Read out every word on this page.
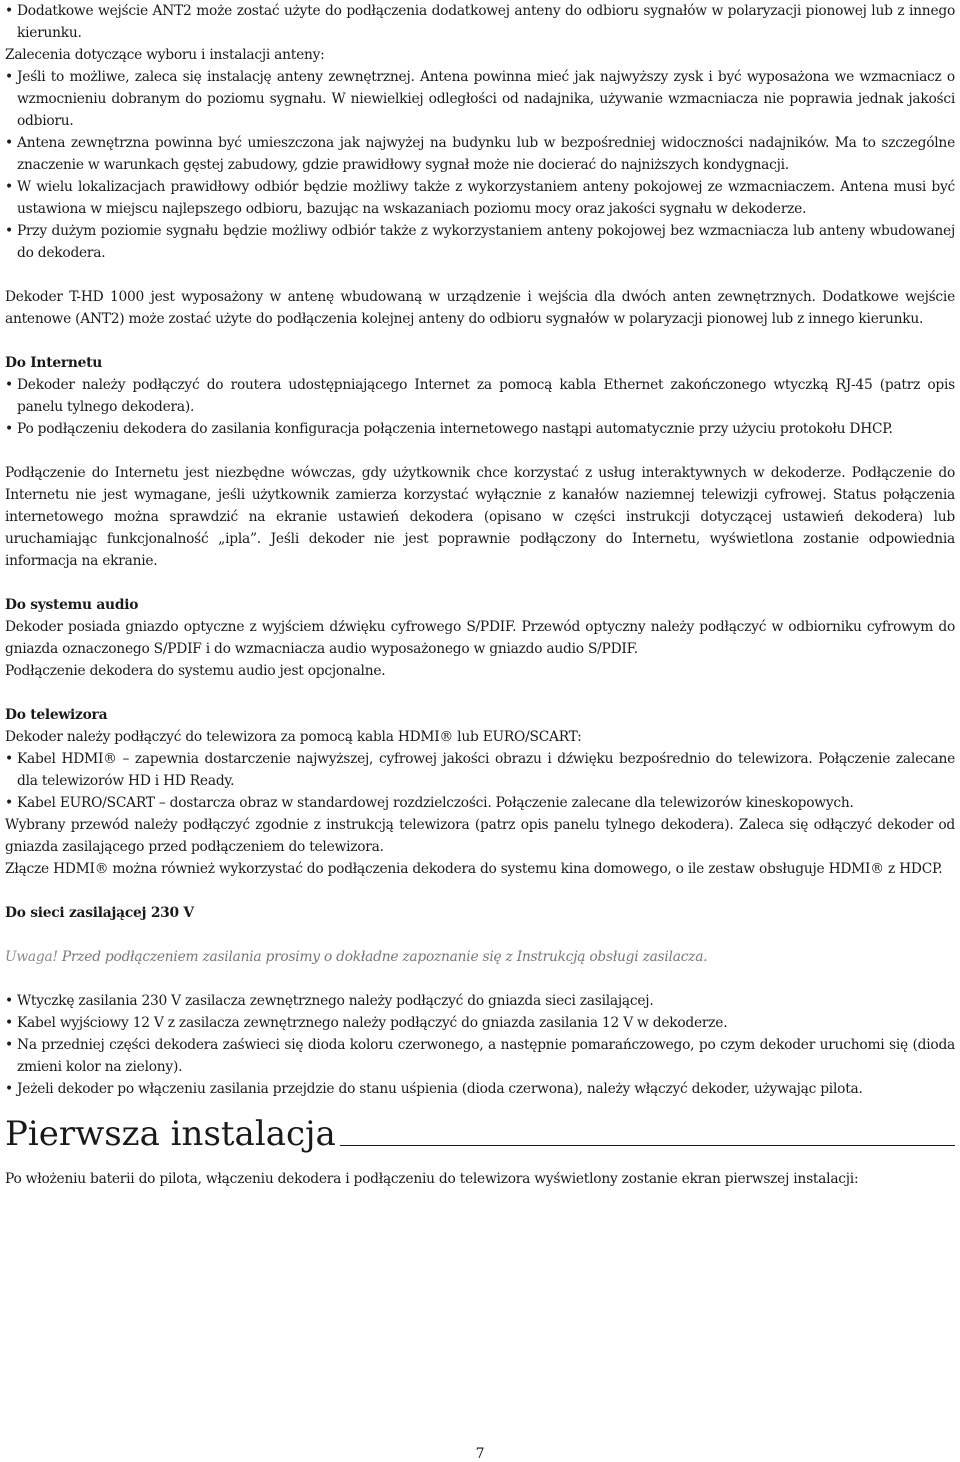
• Dodatkowe wejście ANT2 może zostać użyte do podłączenia dodatkowej anteny do odbioru sygnałów w polaryzacji pionowej lub z innego kierunku.

Zalecenia dotyczące wyboru i instalacji anteny:

• Jeśli to możliwe, zaleca się instalację anteny zewnętrznej. Antena powinna mieć jak najwyższy zysk i być wyposażona we wzmacniacz o wzmocnieniu dobranym do poziomu sygnału. W niewielkiej odległości od nadajnika, używanie wzmacniacza nie poprawia jednak jakości odbioru.
• Antena zewnętrzna powinna być umieszczona jak najwyżej na budynku lub w bezpośredniej widoczności nadajników. Ma to szczególne znaczenie w warunkach gęstej zabudowy, gdzie prawidłowy sygnał może nie docierać do najniższych kondygnacji.
• W wielu lokalizacjach prawidłowy odbiór będzie możliwy także z wykorzystaniem anteny pokojowej ze wzmacniaczem. Antena musi być ustawiona w miejscu najlepszego odbioru, bazując na wskazaniach poziomu mocy oraz jakości sygnału w dekoderze.
• Przy dużym poziomie sygnału będzie możliwy odbiór także z wykorzystaniem anteny pokojowej bez wzmacniacza lub anteny wbudowanej do dekodera.

Dekoder T-HD 1000 jest wyposażony w antenę wbudowaną w urządzenie i wejścia dla dwóch anten zewnętrznych. Dodatkowe wejście antenowe (ANT2) może zostać użyte do podłączenia kolejnej anteny do odbioru sygnałów w polaryzacji pionowej lub z innego kierunku.

Do Internetu

• Dekoder należy podłączyć do routera udostępniającego Internet za pomocą kabla Ethernet zakończonego wtyczką RJ-45 (patrz opis panelu tylnego dekodera).
• Po podłączeniu dekodera do zasilania konfiguracja połączenia internetowego nastąpi automatycznie przy użyciu protokołu DHCP.

Podłączenie do Internetu jest niezbędne wówczas, gdy użytkownik chce korzystać z usług interaktywnych w dekoderze. Podłączenie do Internetu nie jest wymagane, jeśli użytkownik zamierza korzystać wyłącznie z kanałów naziemnej telewizji cyfrowej. Status połączenia internetowego można sprawdzić na ekranie ustawień dekodera (opisano w części instrukcji dotyczącej ustawień dekodera) lub uruchamiając funkcjonalność „ipla”. Jeśli dekoder nie jest poprawnie podłączony do Internetu, wyświetlona zostanie odpowiednia informacja na ekranie.

Do systemu audio

Dekoder posiada gniazdo optyczne z wyjściem dźwięku cyfrowego S/PDIF. Przewód optyczny należy podłączyć w odbiorniku cyfrowym do gniazda oznaczonego S/PDIF i do wzmacniacza audio wyposażonego w gniazdo audio S/PDIF.

Podłączenie dekodera do systemu audio jest opcjonalne.

Do telewizora

Dekoder należy podłączyć do telewizora za pomocą kabla HDMI® lub EURO/SCART:

• Kabel HDMI® – zapewnia dostarczenie najwyższej, cyfrowej jakości obrazu i dźwięku bezpośrednio do telewizora. Połączenie zalecane dla telewizorów HD i HD Ready.
• Kabel EURO/SCART – dostarcza obraz w standardowej rozdzielczości. Połączenie zalecane dla telewizorów kineskopowych.

Wybrany przewód należy podłączyć zgodnie z instrukcją telewizora (patrz opis panelu tylnego dekodera). Zaleca się odłączyć dekoder od gniazda zasilającego przed podłączeniem do telewizora.

Złącze HDMI® można również wykorzystać do podłączenia dekodera do systemu kina domowego, o ile zestaw obsługuje HDMI® z HDCP.

Do sieci zasilającej 230 V

Uwaga! Przed podłączeniem zasilania prosimy o dokładne zapoznanie się z Instrukcją obsługi zasilacza.

• Wtyczkę zasilania 230 V zasilacza zewnętrznego należy podłączyć do gniazda sieci zasilającej.
• Kabel wyjściowy 12 V z zasilacza zewnętrznego należy podłączyć do gniazda zasilania 12 V w dekoderze.
• Na przedniej części dekodera zaświeci się dioda koloru czerwonego, a następnie pomarańczowego, po czym dekoder uruchomi się (dioda zmieni kolor na zielony).
• Jeżeli dekoder po włączeniu zasilania przejdzie do stanu uśpienia (dioda czerwona), należy włączyć dekoder, używając pilota.
Pierwsza instalacja

Po włożeniu baterii do pilota, włączeniu dekodera i podłączeniu do telewizora wyświetlony zostanie ekran pierwszej instalacji:

7
